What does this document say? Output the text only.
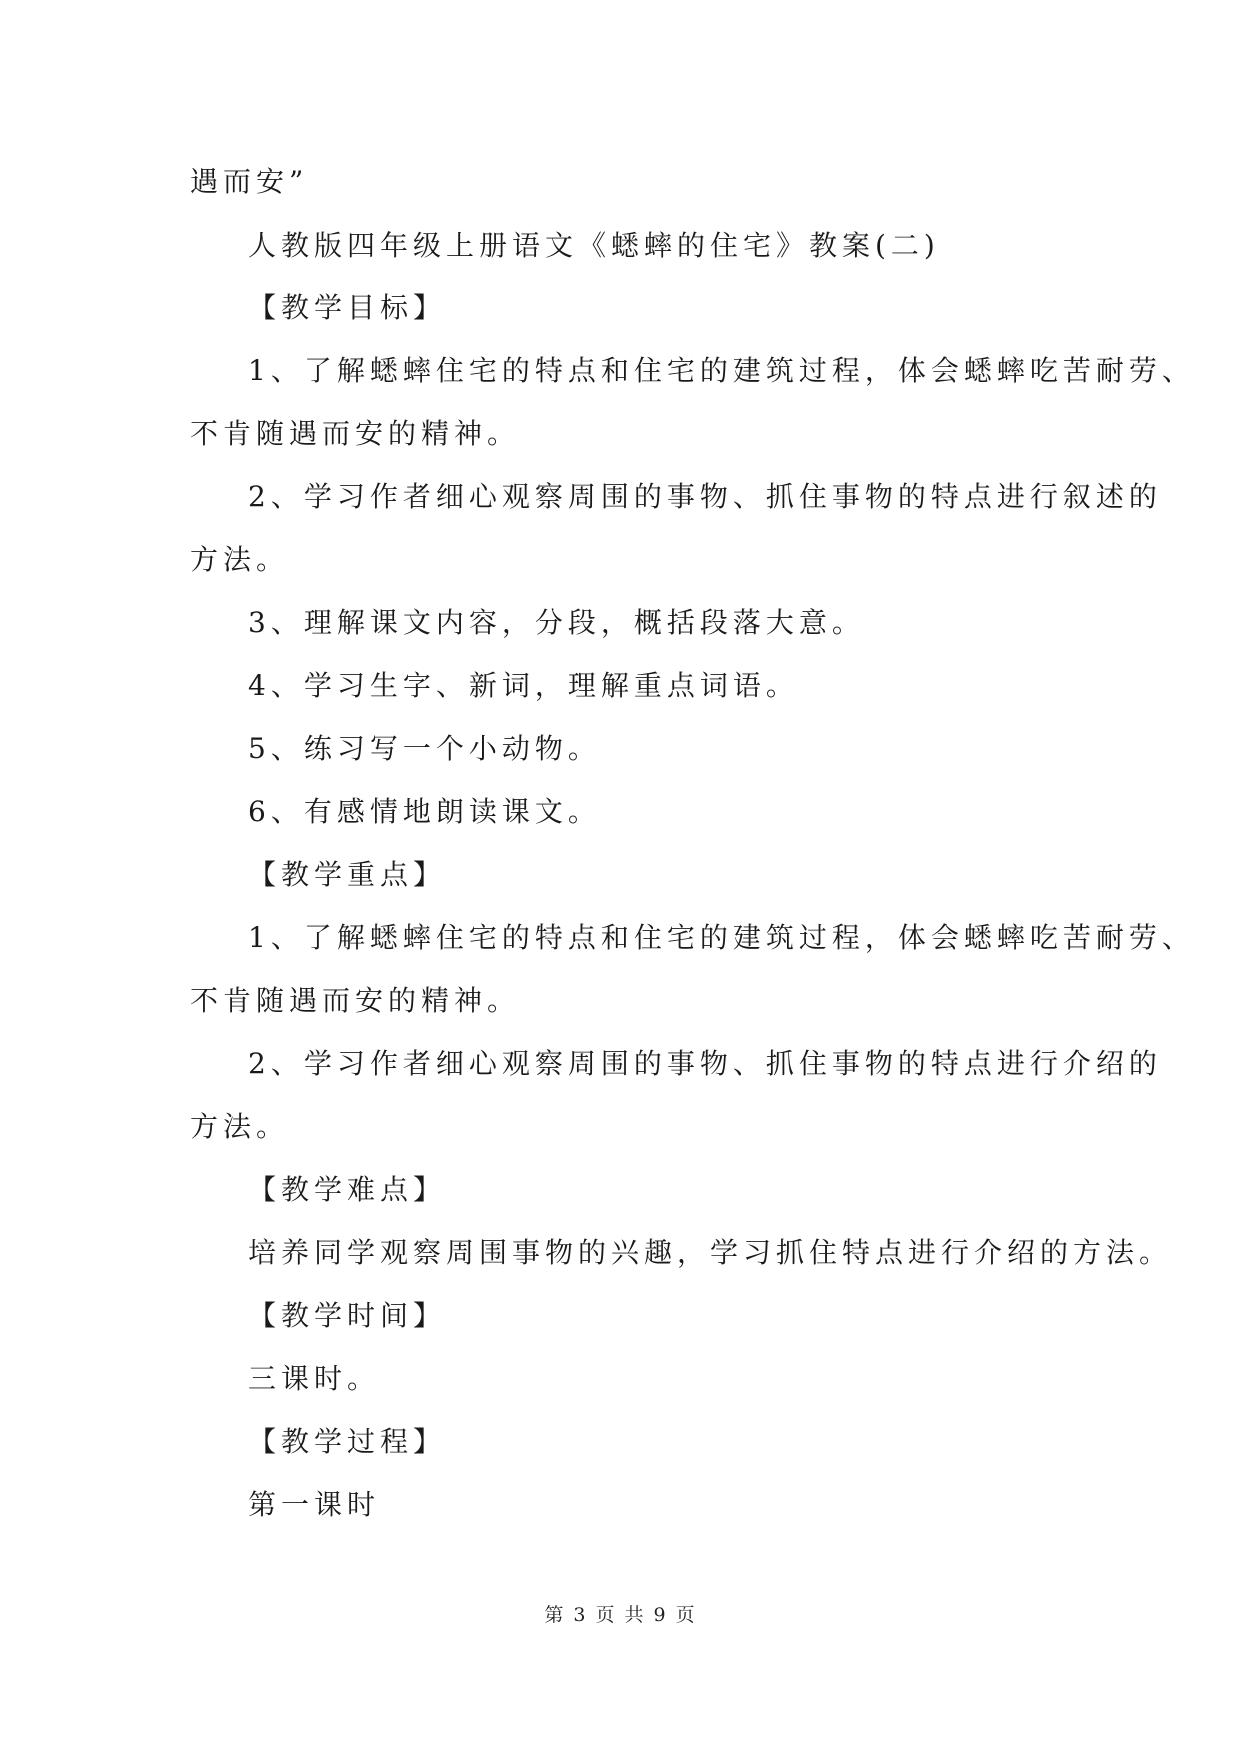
遇而安”
人教版四年级上册语文《蟋蟀的住宅》教案(二)
【教学目标】
1、了解蟋蟀住宅的特点和住宅的建筑过程，体会蟋蟀吃苦耐劳、
不肯随遇而安的精神。
2、学习作者细心观察周围的事物、抓住事物的特点进行叙述的
方法。
3、理解课文内容，分段，概括段落大意。
4、学习生字、新词，理解重点词语。
5、练习写一个小动物。
6、有感情地朗读课文。
【教学重点】
1、了解蟋蟀住宅的特点和住宅的建筑过程，体会蟋蟀吃苦耐劳、
不肯随遇而安的精神。
2、学习作者细心观察周围的事物、抓住事物的特点进行介绍的
方法。
【教学难点】
培养同学观察周围事物的兴趣，学习抓住特点进行介绍的方法。
【教学时间】
三课时。
【教学过程】
第一课时
第 3 页 共 9 页
